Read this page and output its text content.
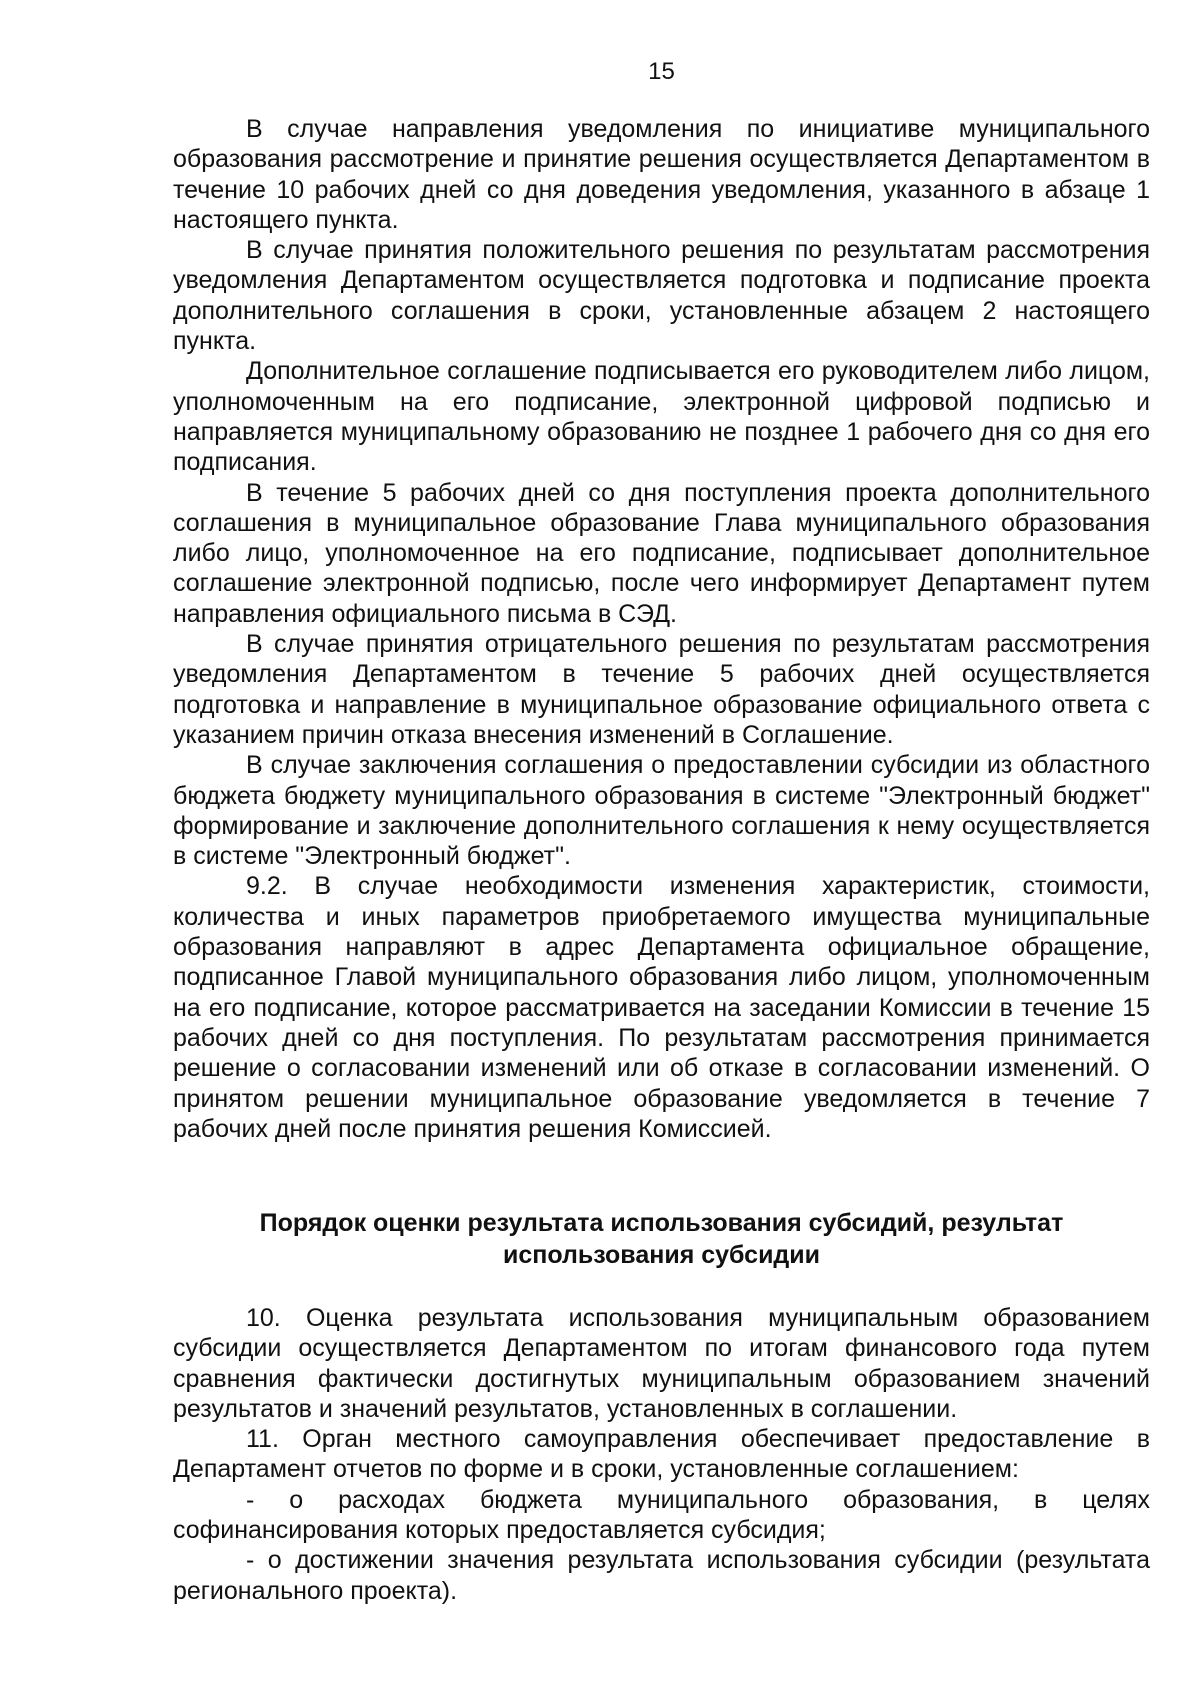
15

В случае направления уведомления по инициативе муниципального образования рассмотрение и принятие решения осуществляется Департаментом в течение 10 рабочих дней со дня доведения уведомления, указанного в абзаце 1 настоящего пункта.

В случае принятия положительного решения по результатам рассмотрения уведомления Департаментом осуществляется подготовка и подписание проекта дополнительного соглашения в сроки, установленные абзацем 2 настоящего пункта.

Дополнительное соглашение подписывается его руководителем либо лицом, уполномоченным на его подписание, электронной цифровой подписью и направляется муниципальному образованию не позднее 1 рабочего дня со дня его подписания.

В течение 5 рабочих дней со дня поступления проекта дополнительного соглашения в муниципальное образование Глава муниципального образования либо лицо, уполномоченное на его подписание, подписывает дополнительное соглашение электронной подписью, после чего информирует Департамент путем направления официального письма в СЭД.

В случае принятия отрицательного решения по результатам рассмотрения уведомления Департаментом в течение 5 рабочих дней осуществляется подготовка и направление в муниципальное образование официального ответа с указанием причин отказа внесения изменений в Соглашение.

В случае заключения соглашения о предоставлении субсидии из областного бюджета бюджету муниципального образования в системе "Электронный бюджет" формирование и заключение дополнительного соглашения к нему осуществляется в системе "Электронный бюджет".

9.2. В случае необходимости изменения характеристик, стоимости, количества и иных параметров приобретаемого имущества муниципальные образования направляют в адрес Департамента официальное обращение, подписанное Главой муниципального образования либо лицом, уполномоченным на его подписание, которое рассматривается на заседании Комиссии в течение 15 рабочих дней со дня поступления. По результатам рассмотрения принимается решение о согласовании изменений или об отказе в согласовании изменений. О принятом решении муниципальное образование уведомляется в течение 7 рабочих дней после принятия решения Комиссией.

Порядок оценки результата использования субсидий, результат
использования субсидии

10. Оценка результата использования муниципальным образованием субсидии осуществляется Департаментом по итогам финансового года путем сравнения фактически достигнутых муниципальным образованием значений результатов и значений результатов, установленных в соглашении.

11. Орган местного самоуправления обеспечивает предоставление в Департамент отчетов по форме и в сроки, установленные соглашением:

- о расходах бюджета муниципального образования, в целях софинансирования которых предоставляется субсидия;

- о достижении значения результата использования субсидии (результата регионального проекта).
